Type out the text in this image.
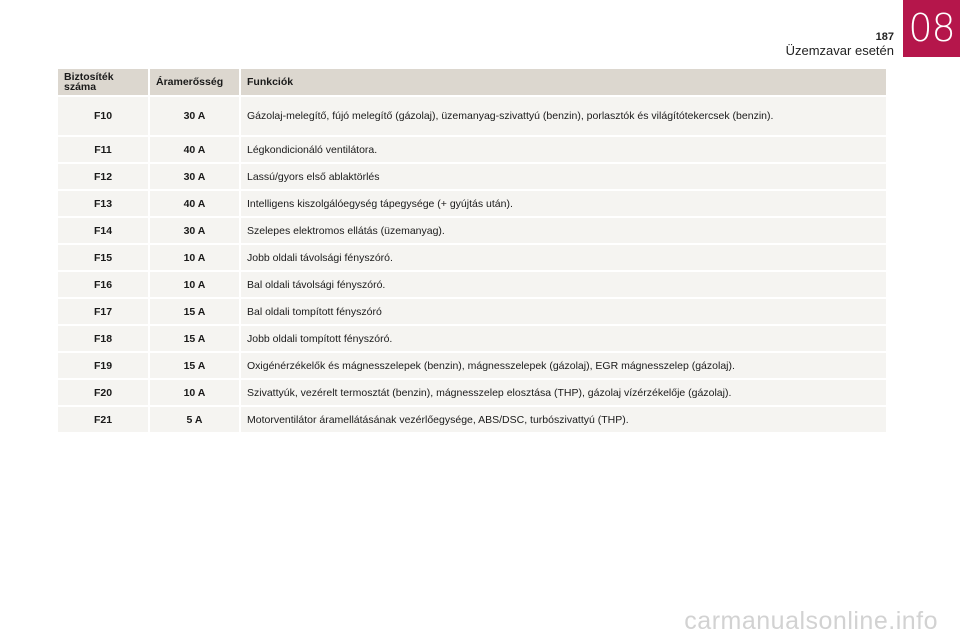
08
187
Üzemzavar esetén
Biztosíték száma	Áramerősség	Funkciók
F10	30 A	Gázolaj-melegítő, fújó melegítő (gázolaj), üzemanyag-szivattyú (benzin), porlasztók és világítótekercsek (benzin).
F11	40 A	Légkondicionáló ventilátora.
F12	30 A	Lassú/gyors első ablaktörlés
F13	40 A	Intelligens kiszolgálóegység tápegysége (+ gyújtás után).
F14	30 A	Szelepes elektromos ellátás (üzemanyag).
F15	10 A	Jobb oldali távolsági fényszóró.
F16	10 A	Bal oldali távolsági fényszóró.
F17	15 A	Bal oldali tompított fényszóró
F18	15 A	Jobb oldali tompított fényszóró.
F19	15 A	Oxigénérzékelők és mágnesszelepek (benzin), mágnesszelepek (gázolaj), EGR mágnesszelep (gázolaj).
F20	10 A	Szivattyúk, vezérelt termosztát (benzin), mágnesszelep elosztása (THP), gázolaj vízérzékelője (gázolaj).
F21	5 A	Motorventilátor áramellátásának vezérlőegysége, ABS/DSC, turbószivattyú (THP).
carmanualsonline.info
